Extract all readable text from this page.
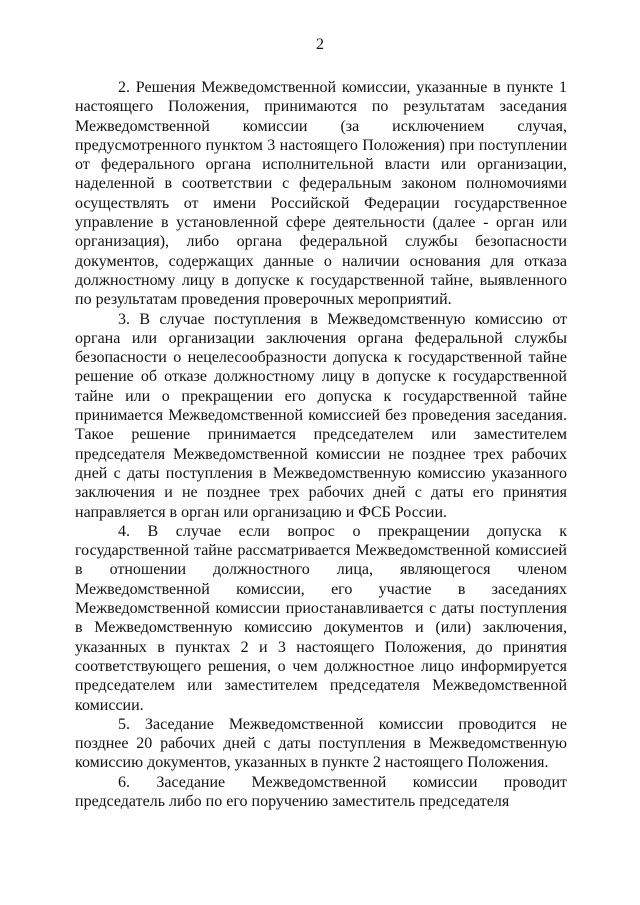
2

2. Решения Межведомственной комиссии, указанные в пункте 1 настоящего Положения, принимаются по результатам заседания Межведомственной комиссии (за исключением случая, предусмотренного пунктом 3 настоящего Положения) при поступлении от федерального органа исполнительной власти или организации, наделенной в соответствии с федеральным законом полномочиями осуществлять от имени Российской Федерации государственное управление в установленной сфере деятельности (далее - орган или организация), либо органа федеральной службы безопасности документов, содержащих данные о наличии основания для отказа должностному лицу в допуске к государственной тайне, выявленного по результатам проведения проверочных мероприятий.

3. В случае поступления в Межведомственную комиссию от органа или организации заключения органа федеральной службы безопасности о нецелесообразности допуска к государственной тайне решение об отказе должностному лицу в допуске к государственной тайне или о прекращении его допуска к государственной тайне принимается Межведомственной комиссией без проведения заседания. Такое решение принимается председателем или заместителем председателя Межведомственной комиссии не позднее трех рабочих дней с даты поступления в Межведомственную комиссию указанного заключения и не позднее трех рабочих дней с даты его принятия направляется в орган или организацию и ФСБ России.

4. В случае если вопрос о прекращении допуска к государственной тайне рассматривается Межведомственной комиссией в отношении должностного лица, являющегося членом Межведомственной комиссии, его участие в заседаниях Межведомственной комиссии приостанавливается с даты поступления в Межведомственную комиссию документов и (или) заключения, указанных в пунктах 2 и 3 настоящего Положения, до принятия соответствующего решения, о чем должностное лицо информируется председателем или заместителем председателя Межведомственной комиссии.

5. Заседание Межведомственной комиссии проводится не позднее 20 рабочих дней с даты поступления в Межведомственную комиссию документов, указанных в пункте 2 настоящего Положения.

6. Заседание Межведомственной комиссии проводит председатель либо по его поручению заместитель председателя
